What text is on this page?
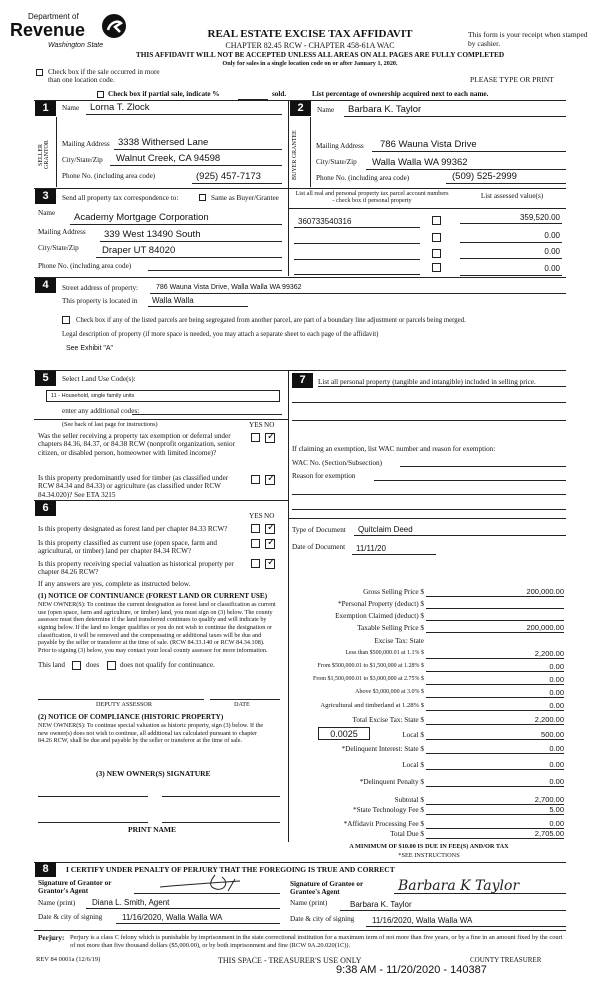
Department of
Revenue
Washington State
REAL ESTATE EXCISE TAX AFFIDAVIT
CHAPTER 82.45 RCW - CHAPTER 458-61A WAC
THIS AFFIDAVIT WILL NOT BE ACCEPTED UNLESS ALL AREAS ON ALL PAGES ARE FULLY COMPLETED
Only for sales in a single location code on or after January 1, 2020.
This form is your receipt when stamped by cashier.
PLEASE TYPE OR PRINT
Check box if the sale occurred in more than one location code.
Check box if partial sale, indicate %	sold.	List percentage of ownership acquired next to each name.
1	Name Lorna T. Zlock
SELLER GRANTOR	Mailing Address 3338 Withersed Lane
City/State/Zip Walnut Creek, CA 94598
Phone No. (including area code)	(925) 457-7173
2	Name Barbara K. Taylor
BUYER GRANTEE	Mailing Address 786 Wauna Vista Drive
City/State/Zip Walla Walla WA 99362
Phone No. (including area code)	(509) 525-2999
3	Send all property tax correspondence to:	Same as Buyer/Grantee
List all real and personal property tax parcel account numbers - check box if personal property
List assessed value(s)
Name Academy Mortgage Corporation
Mailing Address 339 West 13490 South
City/State/Zip Draper UT 84020
Phone No. (including area code)
360733540316	359,520.00
0.00
0.00
0.00
4	Street address of property:	786 Wauna Vista Drive, Walla Walla WA 99362
This property is located in Walla Walla
Check box if any of the listed parcels are being segregated from another parcel, are part of a boundary line adjustment or parcels being merged.
Legal description of property (if more space is needed, you may attach a separate sheet to each page of the affidavit)
See Exhibit "A"
5	Select Land Use Code(s):
11 - Household, single family units
enter any additional codes:
(See back of last page for instructions)	YES NO
Was the seller receiving a property tax exemption or deferral under chapters 84.36, 84.37, or 84.38 RCW (nonprofit organization, senior citizen, or disabled person, homeowner with limited income)?
✓
Is this property predominantly used for timber (as classified under RCW 84.34 and 84.33) or agriculture (as classified under RCW 84.34.020)? See ETA 3215
✓
7	List all personal property (tangible and intangible) included in selling price.
If claiming an exemption, list WAC number and reason for exemption:
WAC No. (Section/Subsection)
Reason for exemption
6
YES NO
Is this property designated as forest land per chapter 84.33 RCW?
✓
Is this property classified as current use (open space, farm and agricultural, or timber) land per chapter 84.34 RCW?
✓
Is this property receiving special valuation as historical property per chapter 84.26 RCW?
✓
If any answers are yes, complete as instructed below.
(1) NOTICE OF CONTINUANCE (FOREST LAND OR CURRENT USE)
NEW OWNER(S): To continue the current designation as forest land or classification as current use (open space, farm and agriculture, or timber) land, you must sign on (3) below. The county assessor must then determine if the land transferred continues to qualify and will indicate by signing below. If the land no longer qualifies or you do not wish to continue the designation or classification, it will be removed and the compensating or additional taxes will be due and payable by the seller or transferor at the time of sale. (RCW 84.33.140 or RCW 84.34.108). Prior to signing (3) below, you may contact your local county assessor for more information.
This land	does	does not qualify for continuance.
DEPUTY ASSESSOR	DATE
(2) NOTICE OF COMPLIANCE (HISTORIC PROPERTY)
NEW OWNER(S): To continue special valuation as historic property, sign (3) below. If the new owner(s) does not wish to continue, all additional tax calculated pursuant to chapter 84.26 RCW, shall be due and payable by the seller or transferor at the time of sale.
(3) NEW OWNER(S) SIGNATURE
PRINT NAME
Type of Document Quitclaim Deed
Date of Document 11/11/20
Gross Selling Price $	200,000.00
*Personal Property (deduct) $
Exemption Claimed (deduct) $
Taxable Selling Price $	200,000.00
Excise Tax: State
Less than $500,000.01 at 1.1% $	2,200.00
From $500,000.01 to $1,500,000 at 1.28% $	0.00
From $1,500,000.01 to $3,000,000 at 2.75% $	0.00
Above $3,000,000 at 3.0% $	0.00
Agricultural and timberland at 1.28% $	0.00
Total Excise Tax: State $	2,200.00
Local $	500.00
*Delinquent Interest: State $	0.00
Local $	0.00
*Delinquent Penalty $	0.00
Subtotal $	2,700.00
*State Technology Fee $	5.00
*Affidavit Processing Fee $	0.00
Total Due $	2,705.00
0.0025
A MINIMUM OF $10.00 IS DUE IN FEE(S) AND/OR TAX
*SEE INSTRUCTIONS
8	I CERTIFY UNDER PENALTY OF PERJURY THAT THE FOREGOING IS TRUE AND CORRECT
Signature of Grantor or Grantor's Agent
Name (print) Diana L. Smith, Agent
Date & city of signing 11/16/2020, Walla Walla WA
Signature of Grantee or Grantee's Agent	Barbara K Taylor
Name (print)	Barbara K. Taylor
Date & city of signing 11/16/2020, Walla Walla WA
Perjury: Perjury is a class C felony which is punishable by imprisonment in the state correctional institution for a maximum term of not more than five years, or by a fine in an amount fixed by the court of not more than five thousand dollars ($5,000.00), or by both imprisonment and fine (RCW 9A.20.020(1C)).
REV 84 0001a (12/6/19)	THIS SPACE - TREASURER'S USE ONLY	COUNTY TREASURER
9:38 AM - 11/20/2020 - 140387
